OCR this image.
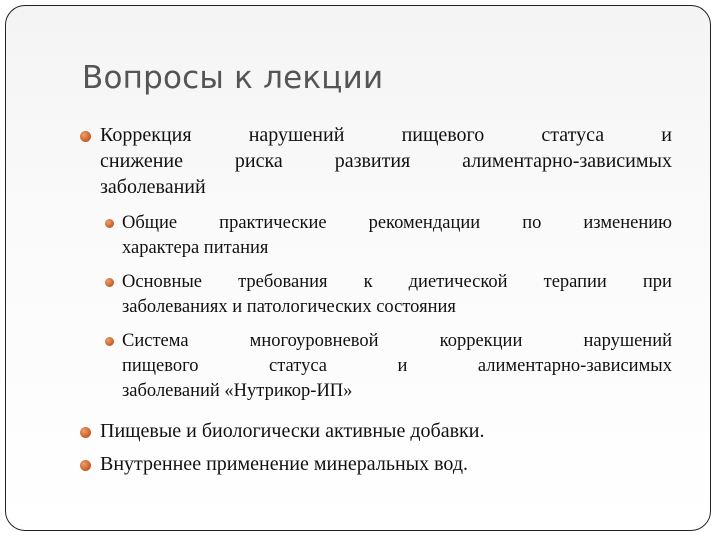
Вопросы к лекции
Коррекция	нарушений	пищевого	статуса	и
снижение	риска	развития	алиментарно-зависимых
заболеваний
Общие практические рекомендации по изменению
характера питания
Основные требования к диетической терапии при
заболеваниях и патологических состояния
Система	многоуровневой	коррекции	нарушений
пищевого	статуса	и	алиментарно-зависимых
заболеваний «Нутрикор-ИП»
Пищевые и биологически активные добавки.
Внутреннее применение минеральных вод.
